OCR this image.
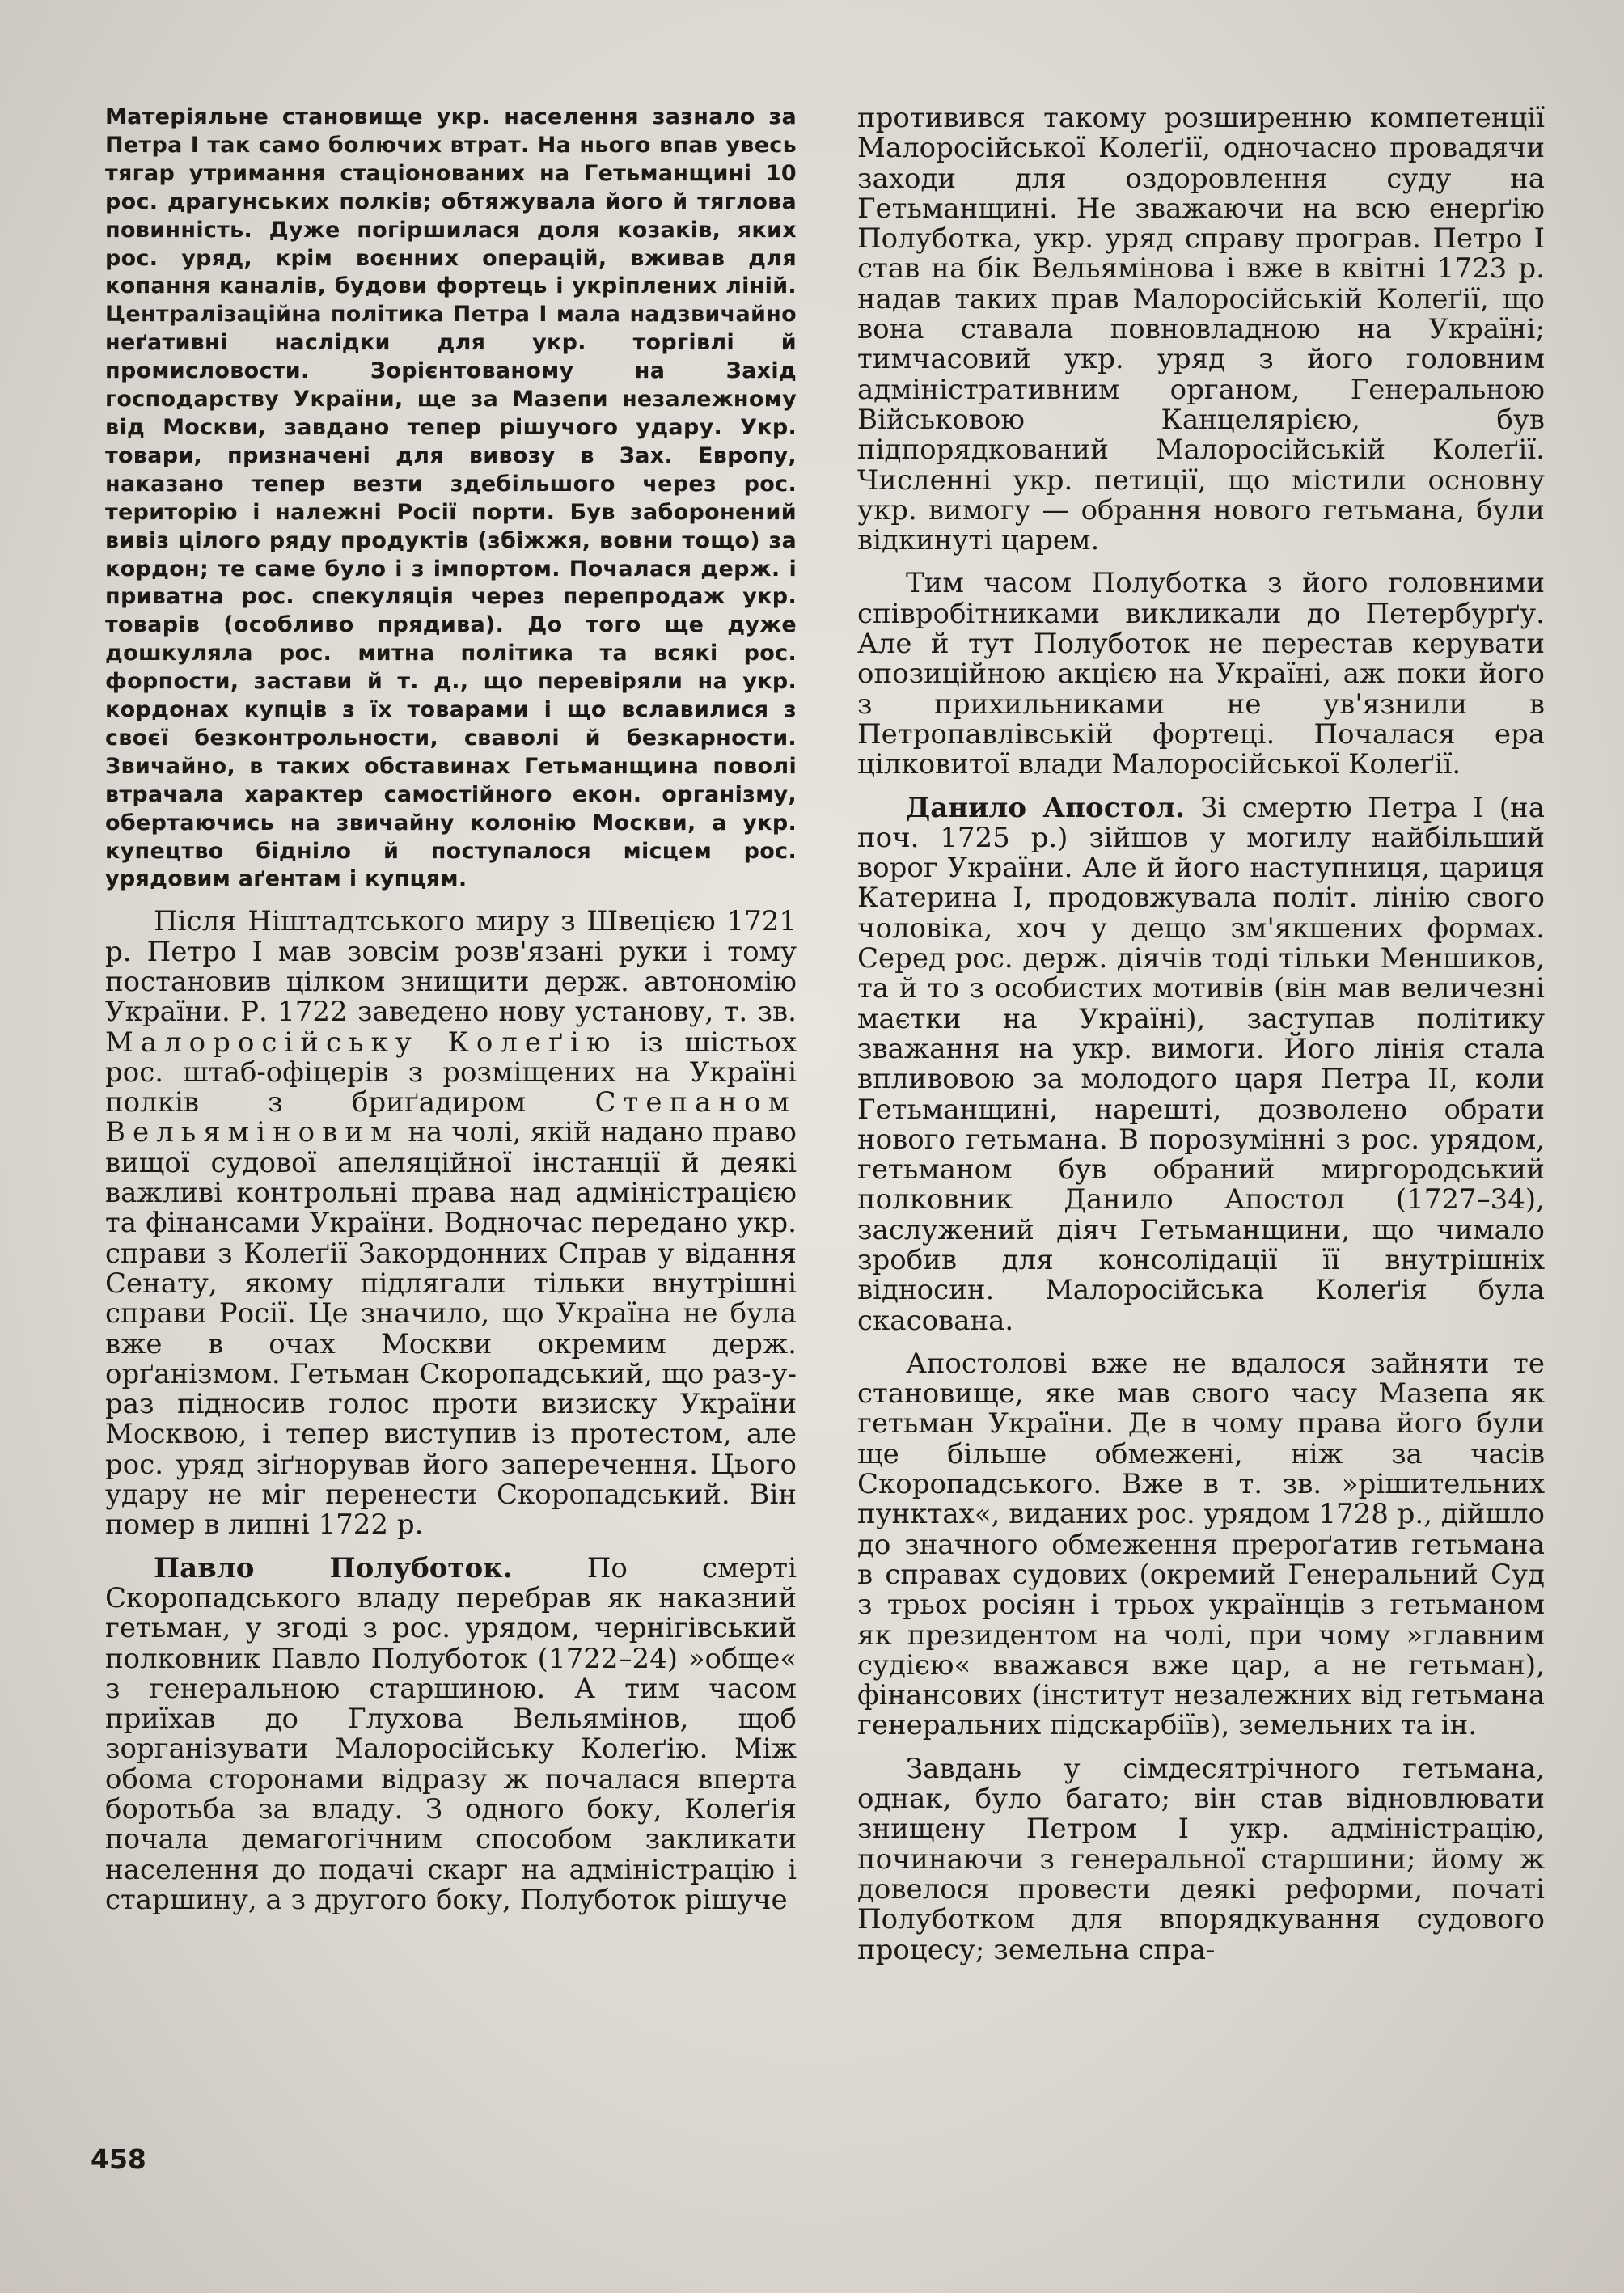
Матеріяльне становище укр. населення зазнало за Петра I так само болючих втрат. На нього впав увесь тягар утримання стаціонованих на Гетьманщині 10 рос. драгунських полків; обтяжувала його й тяглова повинність. Дуже погіршилася доля козаків, яких рос. уряд, крім воєнних операцій, вживав для копання каналів, будови фортець і укріплених ліній. Централізаційна політика Петра I мала надзвичайно неґативні наслідки для укр. торгівлі й промисловости. Зорієнтованому на Захід господарству України, ще за Мазепи незалежному від Москви, завдано тепер рішучого удару. Укр. товари, призначені для вивозу в Зах. Европу, наказано тепер везти здебільшого через рос. територію і належні Росії порти. Був заборонений вивіз цілого ряду продуктів (збіжжя, вовни тощо) за кордон; те саме було і з імпортом. Почалася держ. і приватна рос. спекуляція через перепродаж укр. товарів (особливо прядива). До того ще дуже дошкуляла рос. митна політика та всякі рос. форпости, застави й т. д., що перевіряли на укр. кордонах купців з їх товарами і що вславилися з своєї безконтрольности, сваволі й безкарности. Звичайно, в таких обставинах Гетьманщина поволі втрачала характер самостійного екон. організму, обертаючись на звичайну колонію Москви, а укр. купецтво бідніло й поступалося місцем рос. урядовим аґентам і купцям.

Після Ніштадтського миру з Швецією 1721 р. Петро I мав зовсім розв'язані руки і тому постановив цілком знищити держ. автономію України. Р. 1722 заведено нову установу, т. зв. Малоросійську Колеґію із шістьох рос. штаб-офіцерів з розміщених на Україні полків з бриґадиром	Степаном Вельяміновим на чолі, якій надано право вищої судової апеляційної інстанції й деякі важливі контрольні права над адміністрацією та фінансами України. Водночас передано укр. справи з Колеґії Закордонних Справ у відання Сенату, якому підлягали тільки внутрішні справи Росії. Це значило, що Україна не була вже в очах Москви окремим держ. орґанізмом. Гетьман Скоропадський, що раз-у-раз підносив голос проти визиску України Москвою, і тепер виступив із протестом, але рос. уряд зіґнорував його заперечення. Цього удару не міг перенести Скоропадський. Він помер в липні 1722 р.

Павло Полуботок.	По смерті Скоропадського владу перебрав як наказний гетьман, у згоді з рос. урядом, чернігівський полковник Павло Полуботок (1722–24) »обще« з генеральною старшиною. А тим часом приїхав до Глухова Вельямінов, щоб зорганізувати Малоросійську Колеґію. Між обома сторонами відразу ж почалася вперта боротьба за владу. З одного боку, Колеґія почала демагогічним способом закликати населення до подачі скарг на адміністрацію і старшину, а з другого боку, Полуботок рішуче

противився такому розширенню компетенції Малоросійської Колеґії, одночасно провадячи заходи для оздоровлення суду на Гетьманщині. Не зважаючи на всю енерґію Полуботка, укр. уряд справу програв. Петро I став на бік Вельямінова і вже в квітні 1723 р. надав таких прав Малоросійській Колеґії, що вона ставала повновладною на Україні; тимчасовий укр. уряд з його головним адміністративним органом, Генеральною Військовою Канцелярією, був підпорядкований Малоросійській Колеґії. Численні укр. петиції, що містили основну укр. вимогу — обрання нового гетьмана, були відкинуті царем.

Тим часом Полуботка з його головними співробітниками викликали до Петербурґу. Але й тут Полуботок не перестав керувати опозиційною акцією на Україні, аж поки його з прихильниками не ув'язнили в Петропавлівській фортеці. Почалася ера цілковитої влади Малоросійської Колеґії.

Данило Апостол. Зі смертю Петра I (на поч. 1725 р.) зійшов у могилу найбільший ворог України. Але й його наступниця, цариця Катерина I, продовжувала політ. лінію свого чоловіка, хоч у дещо зм'якшених формах. Серед рос. держ. діячів тоді тільки Меншиков, та й то з особистих мотивів (він мав величезні маєтки на Україні), заступав політику зважання на укр. вимоги. Його лінія стала впливовою за молодого царя Петра II, коли Гетьманщині, нарешті, дозволено обрати нового гетьмана. В порозумінні з рос. урядом, гетьманом був обраний миргородський полковник Данило Апостол (1727–34), заслужений діяч Гетьманщини, що чимало зробив для консолідації її внутрішніх відносин. Малоросійська Колеґія була скасована.

Апостолові вже не вдалося зайняти те становище, яке мав свого часу Мазепа як гетьман України. Де в чому права його були ще більше обмежені, ніж за часів Скоропадського. Вже в т. зв. »рішительних пунктах«, виданих рос. урядом 1728 р., дійшло до значного обмеження прероґатив гетьмана в справах судових (окремий Генеральний Суд з трьох росіян і трьох українців з гетьманом як президентом на чолі, при чому »главним судією« вважався вже цар, а не гетьман), фінансових (інститут незалежних від гетьмана генеральних підскарбіїв), земельних та ін.

Завдань у сімдесятрічного гетьмана, однак, було багато; він став відновлювати знищену Петром I укр. адміністрацію, починаючи з генеральної старшини; йому ж довелося провести деякі реформи, початі Полуботком для впорядкування судового процесу; земельна спра-

458
